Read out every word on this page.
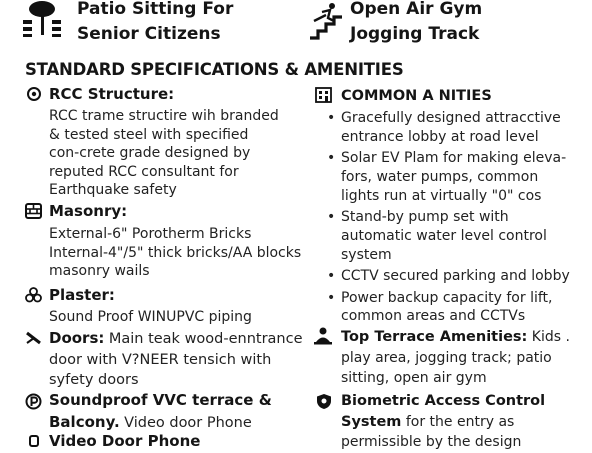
Patio Sitting For Senior Citizens
Open Air Gym Jogging Track
STANDARD SPECIFICATIONS & AMENITIES
RCC Structure:
RCC trame structire wih branded & tested steel with specified con-crete grade designed by reputed RCC consultant for Earthquake safety
Masonry:
External-6" Porotherm Bricks Internal-4"/5" thick bricks/AA blocks masonry wails
Plaster:
Sound Proof WINUPVC piping
Doors: Main teak wood-enntrance door with V?NEER tensich with syfety doors
Soundproof VVC terrace & Balcony. Video door Phone
Video Door Phone
COMMON A NITIES
• Gracefully designed attracctive entrance lobby at road level
• Solar EV Plam for making eleva-fors, water pumps, common lights run at virtually "0" cos
• Stand-by pump set with automatic water level control system
• CCTV secured parking and lobby
• Power backup capacity for lift, common areas and CCTVs
Top Terrace Amenities: Kids . play area, jogging track; patio sitting, open air gym
Biometric Access Control System for the entry as permissible by the design
